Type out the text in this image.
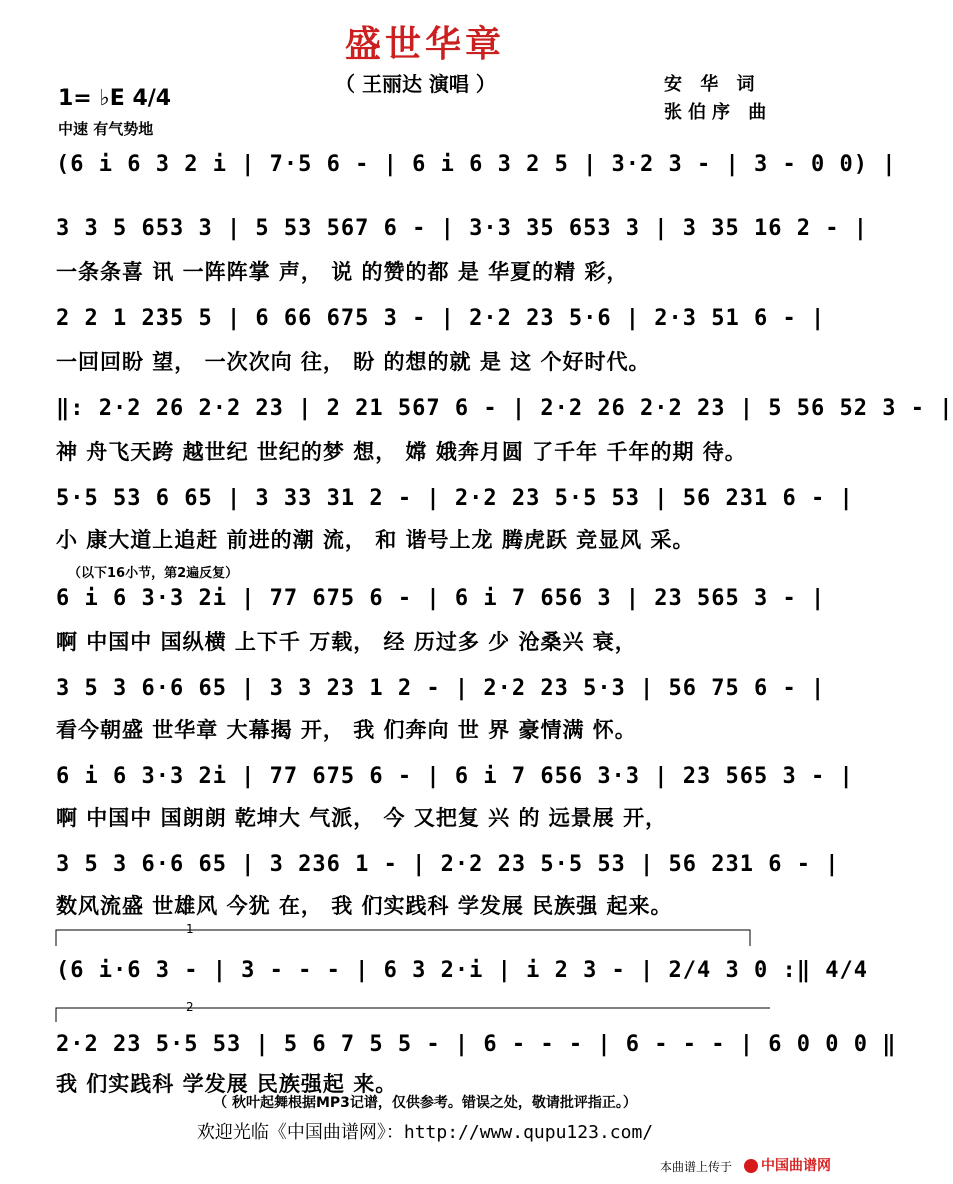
盛世华章
（ 王丽达 演唱 ）	安 华 词
张伯序 曲
1= ♭E 4/4
中速 有气势地
(6 i 6 3 2 i | 7·5 6 - | 6 i 6 3 2 5 | 3·2 3 - | 3 - 0 0) |
3 3 5 653 3 | 5 53 567 6 - | 3·3 35 653 3 | 3 35 16 2 - |
一条条喜 讯 一阵阵掌 声， 说 的赞的都 是 华夏的精 彩，
2 2 1 235 5 | 6 66 675 3 - | 2·2 23 5·6 | 2·3 51 6 - |
一回回盼 望， 一次次向 往， 盼 的想的就 是 这 个好时代。
‖: 2·2 26 2·2 23 | 2 21 567 6 - | 2·2 26 2·2 23 | 5 56 52 3 - |
神 舟飞天跨 越世纪 世纪的梦 想， 嫦 娥奔月圆 了千年 千年的期 待。
5·5 53 6 65 | 3 33 31 2 - | 2·2 23 5·5 53 | 56 231 6 - |
小 康大道上追赶 前进的潮 流， 和 谐号上龙 腾虎跃 竞显风 采。
（以下16小节，第2遍反复）
6 i 6 3·3 2i | 77 675 6 - | 6 i 7 656 3 | 23 565 3 - |
啊 中国中 国纵横 上下千 万载， 经 历过多 少 沧桑兴 衰，
3 5 3 6·6 65 | 3 3 23 1 2 - | 2·2 23 5·3 | 56 75 6 - |
看今朝盛 世华章 大幕揭 开， 我 们奔向 世 界 豪情满 怀。
6 i 6 3·3 2i | 77 675 6 - | 6 i 7 656 3·3 | 23 565 3 - |
啊 中国中 国朗朗 乾坤大 气派， 今 又把复 兴 的 远景展 开，
3 5 3 6·6 65 | 3 236 1 - | 2·2 23 5·5 53 | 56 231 6 - |
数风流盛 世雄风 今犹 在， 我 们实践科 学发展 民族强 起来。
1
(6 i·6 3 - | 3 - - - | 6 3 2·i | i 2 3 - | 2/4 3 0 :‖ 4/4
2
2·2 23 5·5 53 | 5 6 7 5 5 - | 6 - - - | 6 - - - | 6 0 0 0 ‖
我 们实践科 学发展 民族强起 来。
（ 秋叶起舞根据MP3记谱，仅供参考。错误之处，敬请批评指正。）
欢迎光临《中国曲谱网》：http://www.qupu123.com/
本曲谱上传于	中国曲谱网
